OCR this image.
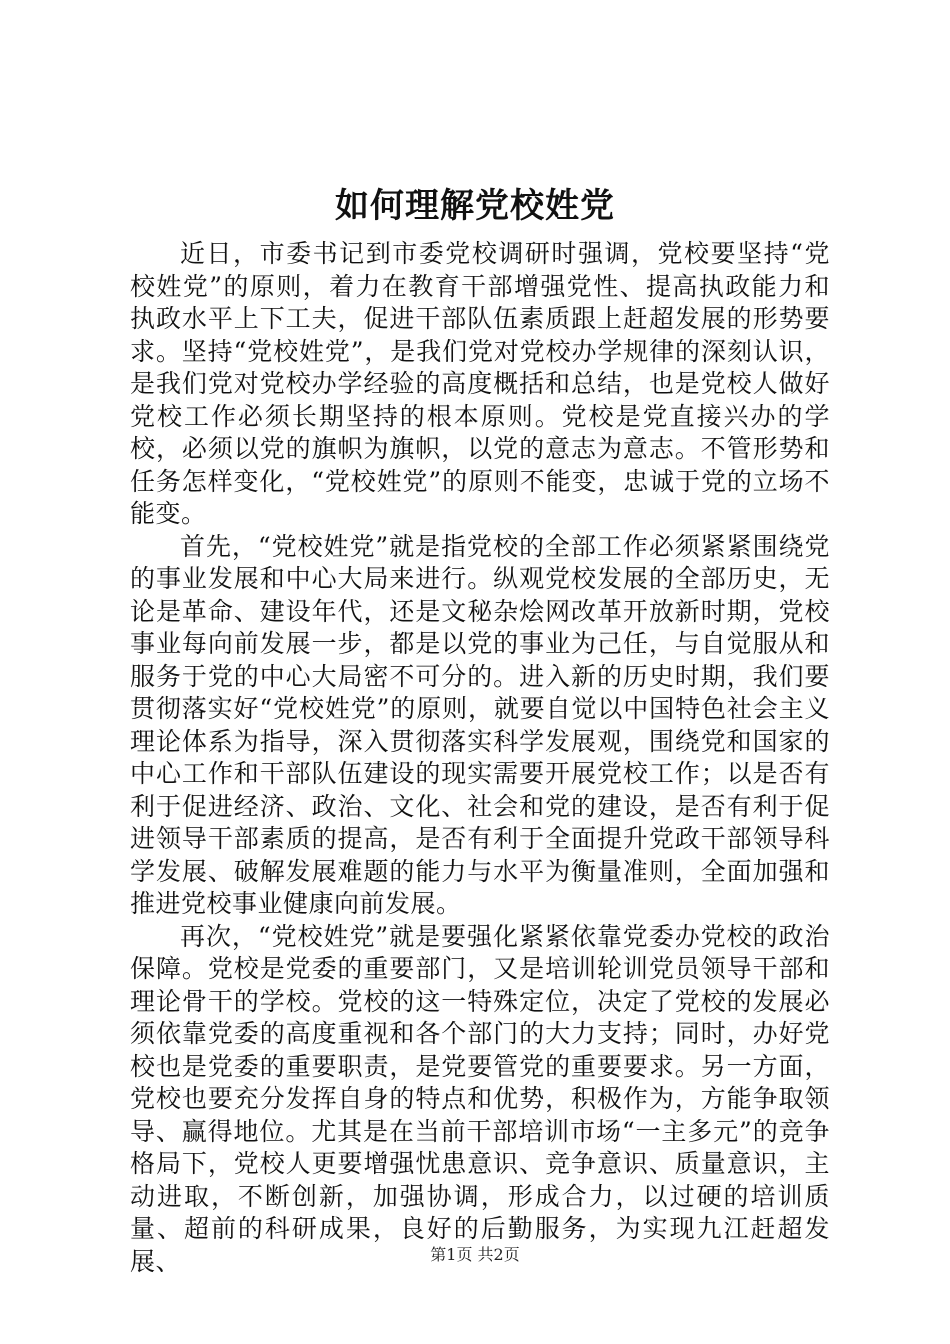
如何理解党校姓党

近日，市委书记到市委党校调研时强调，党校要坚持“党校姓党”的原则，着力在教育干部增强党性、提高执政能力和执政水平上下工夫，促进干部队伍素质跟上赶超发展的形势要求。坚持“党校姓党”，是我们党对党校办学规律的深刻认识，是我们党对党校办学经验的高度概括和总结，也是党校人做好党校工作必须长期坚持的根本原则。党校是党直接兴办的学校，必须以党的旗帜为旗帜，以党的意志为意志。不管形势和任务怎样变化，“党校姓党”的原则不能变，忠诚于党的立场不能变。

首先，“党校姓党”就是指党校的全部工作必须紧紧围绕党的事业发展和中心大局来进行。纵观党校发展的全部历史，无论是革命、建设年代，还是文秘杂烩网改革开放新时期，党校事业每向前发展一步，都是以党的事业为己任，与自觉服从和服务于党的中心大局密不可分的。进入新的历史时期，我们要贯彻落实好“党校姓党”的原则，就要自觉以中国特色社会主义理论体系为指导，深入贯彻落实科学发展观，围绕党和国家的中心工作和干部队伍建设的现实需要开展党校工作；以是否有利于促进经济、政治、文化、社会和党的建设，是否有利于促进领导干部素质的提高，是否有利于全面提升党政干部领导科学发展、破解发展难题的能力与水平为衡量准则，全面加强和推进党校事业健康向前发展。

再次，“党校姓党”就是要强化紧紧依靠党委办党校的政治保障。党校是党委的重要部门，又是培训轮训党员领导干部和理论骨干的学校。党校的这一特殊定位，决定了党校的发展必须依靠党委的高度重视和各个部门的大力支持；同时，办好党校也是党委的重要职责，是党要管党的重要要求。另一方面，党校也要充分发挥自身的特点和优势，积极作为，方能争取领导、赢得地位。尤其是在当前干部培训市场“一主多元”的竞争格局下，党校人更要增强忧患意识、竞争意识、质量意识，主动进取，不断创新，加强协调，形成合力，以过硬的培训质量、超前的科研成果，良好的后勤服务，为实现九江赶超发展、	第1页 共2页
